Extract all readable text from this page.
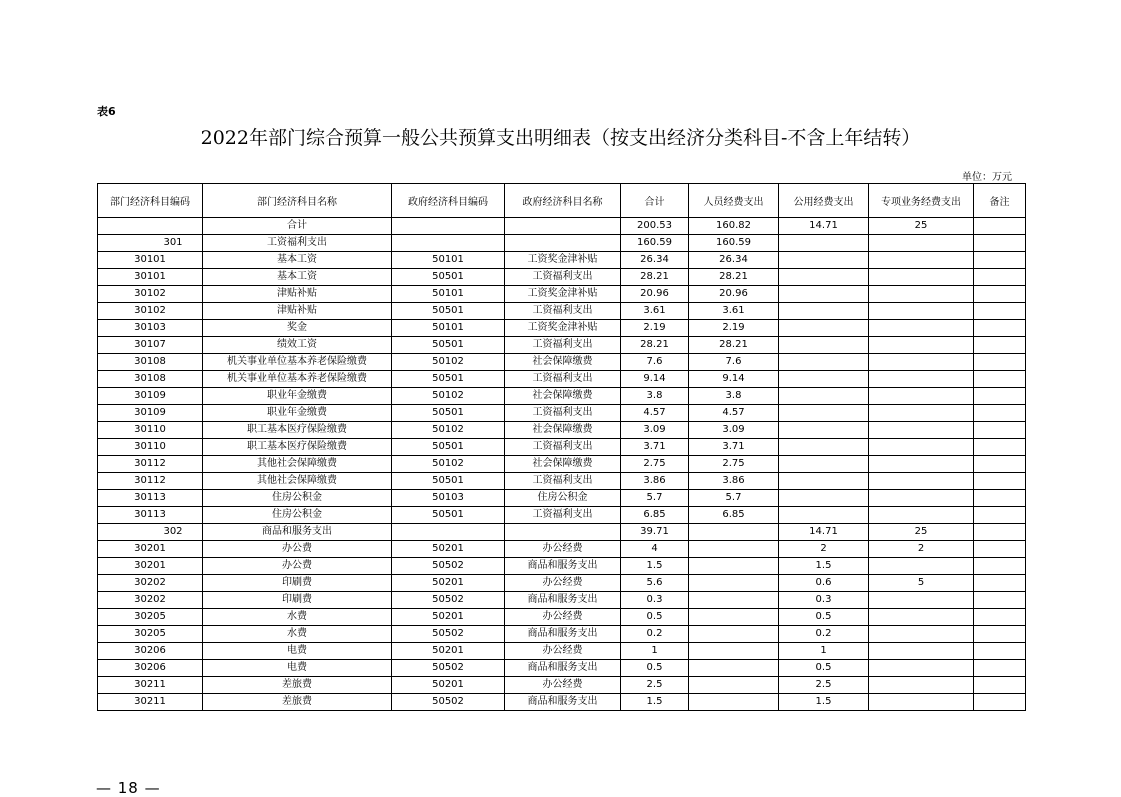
表6
2022年部门综合预算一般公共预算支出明细表（按支出经济分类科目-不含上年结转）
单位：万元
部门经济科目编码	部门经济科目名称	政府经济科目编码	政府经济科目名称	合计	人员经费支出	公用经费支出	专项业务经费支出	备注
	合计			200.53	160.82	14.71	25	
301	工资福利支出			160.59	160.59			
30101	基本工资	50101	工资奖金津补贴	26.34	26.34			
30101	基本工资	50501	工资福利支出	28.21	28.21			
30102	津贴补贴	50101	工资奖金津补贴	20.96	20.96			
30102	津贴补贴	50501	工资福利支出	3.61	3.61			
30103	奖金	50101	工资奖金津补贴	2.19	2.19			
30107	绩效工资	50501	工资福利支出	28.21	28.21			
30108	机关事业单位基本养老保险缴费	50102	社会保障缴费	7.6	7.6			
30108	机关事业单位基本养老保险缴费	50501	工资福利支出	9.14	9.14			
30109	职业年金缴费	50102	社会保障缴费	3.8	3.8			
30109	职业年金缴费	50501	工资福利支出	4.57	4.57			
30110	职工基本医疗保险缴费	50102	社会保障缴费	3.09	3.09			
30110	职工基本医疗保险缴费	50501	工资福利支出	3.71	3.71			
30112	其他社会保障缴费	50102	社会保障缴费	2.75	2.75			
30112	其他社会保障缴费	50501	工资福利支出	3.86	3.86			
30113	住房公积金	50103	住房公积金	5.7	5.7			
30113	住房公积金	50501	工资福利支出	6.85	6.85			
302	商品和服务支出			39.71		14.71	25	
30201	办公费	50201	办公经费	4		2	2	
30201	办公费	50502	商品和服务支出	1.5		1.5		
30202	印刷费	50201	办公经费	5.6		0.6	5	
30202	印刷费	50502	商品和服务支出	0.3		0.3		
30205	水费	50201	办公经费	0.5		0.5		
30205	水费	50502	商品和服务支出	0.2		0.2		
30206	电费	50201	办公经费	1		1		
30206	电费	50502	商品和服务支出	0.5		0.5		
30211	差旅费	50201	办公经费	2.5		2.5		
30211	差旅费	50502	商品和服务支出	1.5		1.5		
— 18 —
